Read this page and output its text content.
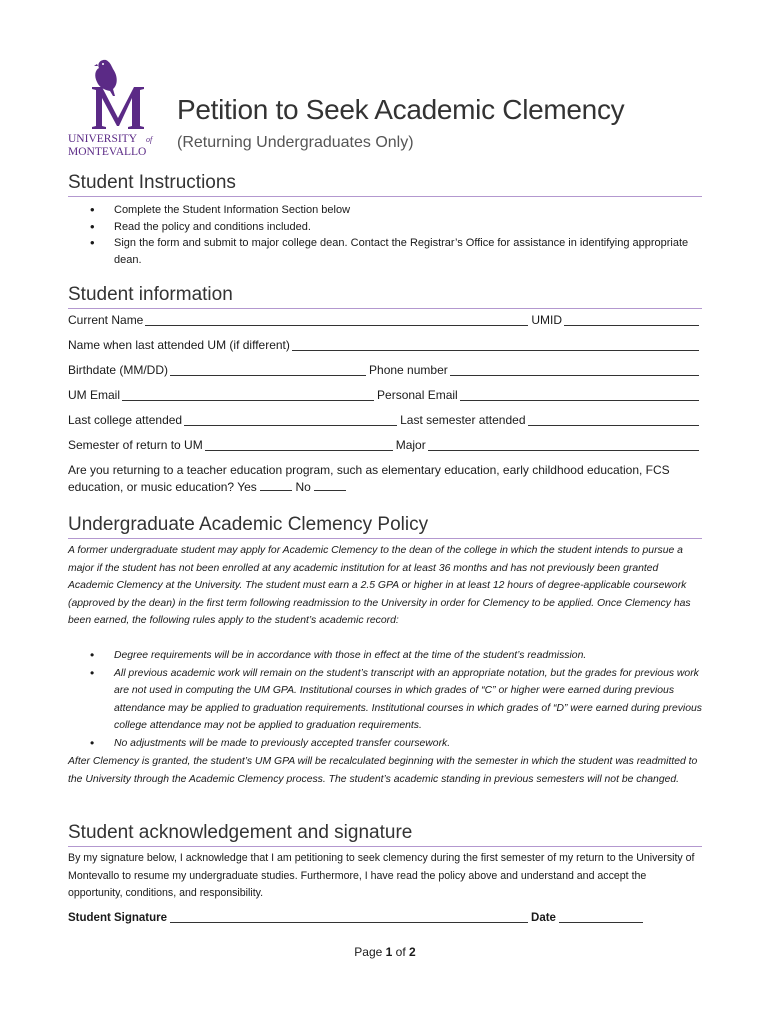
UNIVERSITY of
MONTEVALLO
Petition to Seek Academic Clemency
(Returning Undergraduates Only)
Student Instructions
• Complete the Student Information Section below
• Read the policy and conditions included.
• Sign the form and submit to major college dean. Contact the Registrar’s Office for assistance in identifying appropriate dean.
Student information
Current Name	UMID
Name when last attended UM (if different)
Birthdate (MM/DD)	Phone number
UM Email	Personal Email
Last college attended	Last semester attended
Semester of return to UM	Major
Are you returning to a teacher education program, such as elementary education, early childhood education, FCS education, or music education? Yes	No
Undergraduate Academic Clemency Policy
A former undergraduate student may apply for Academic Clemency to the dean of the college in which the student intends to pursue a major if the student has not been enrolled at any academic institution for at least 36 months and has not previously been granted Academic Clemency at the University. The student must earn a 2.5 GPA or higher in at least 12 hours of degree-applicable coursework (approved by the dean) in the first term following readmission to the University in order for Clemency to be applied. Once Clemency has been earned, the following rules apply to the student’s academic record:
• Degree requirements will be in accordance with those in effect at the time of the student’s readmission.
• All previous academic work will remain on the student’s transcript with an appropriate notation, but the grades for previous work are not used in computing the UM GPA. Institutional courses in which grades of “C” or higher were earned during previous attendance may be applied to graduation requirements. Institutional courses in which grades of “D” were earned during previous college attendance may not be applied to graduation requirements.
• No adjustments will be made to previously accepted transfer coursework.
After Clemency is granted, the student’s UM GPA will be recalculated beginning with the semester in which the student was readmitted to the University through the Academic Clemency process. The student’s academic standing in previous semesters will not be changed.
Student acknowledgement and signature
By my signature below, I acknowledge that I am petitioning to seek clemency during the first semester of my return to the University of Montevallo to resume my undergraduate studies. Furthermore, I have read the policy above and understand and accept the opportunity, conditions, and responsibility.
Student Signature	Date
Page 1 of 2
